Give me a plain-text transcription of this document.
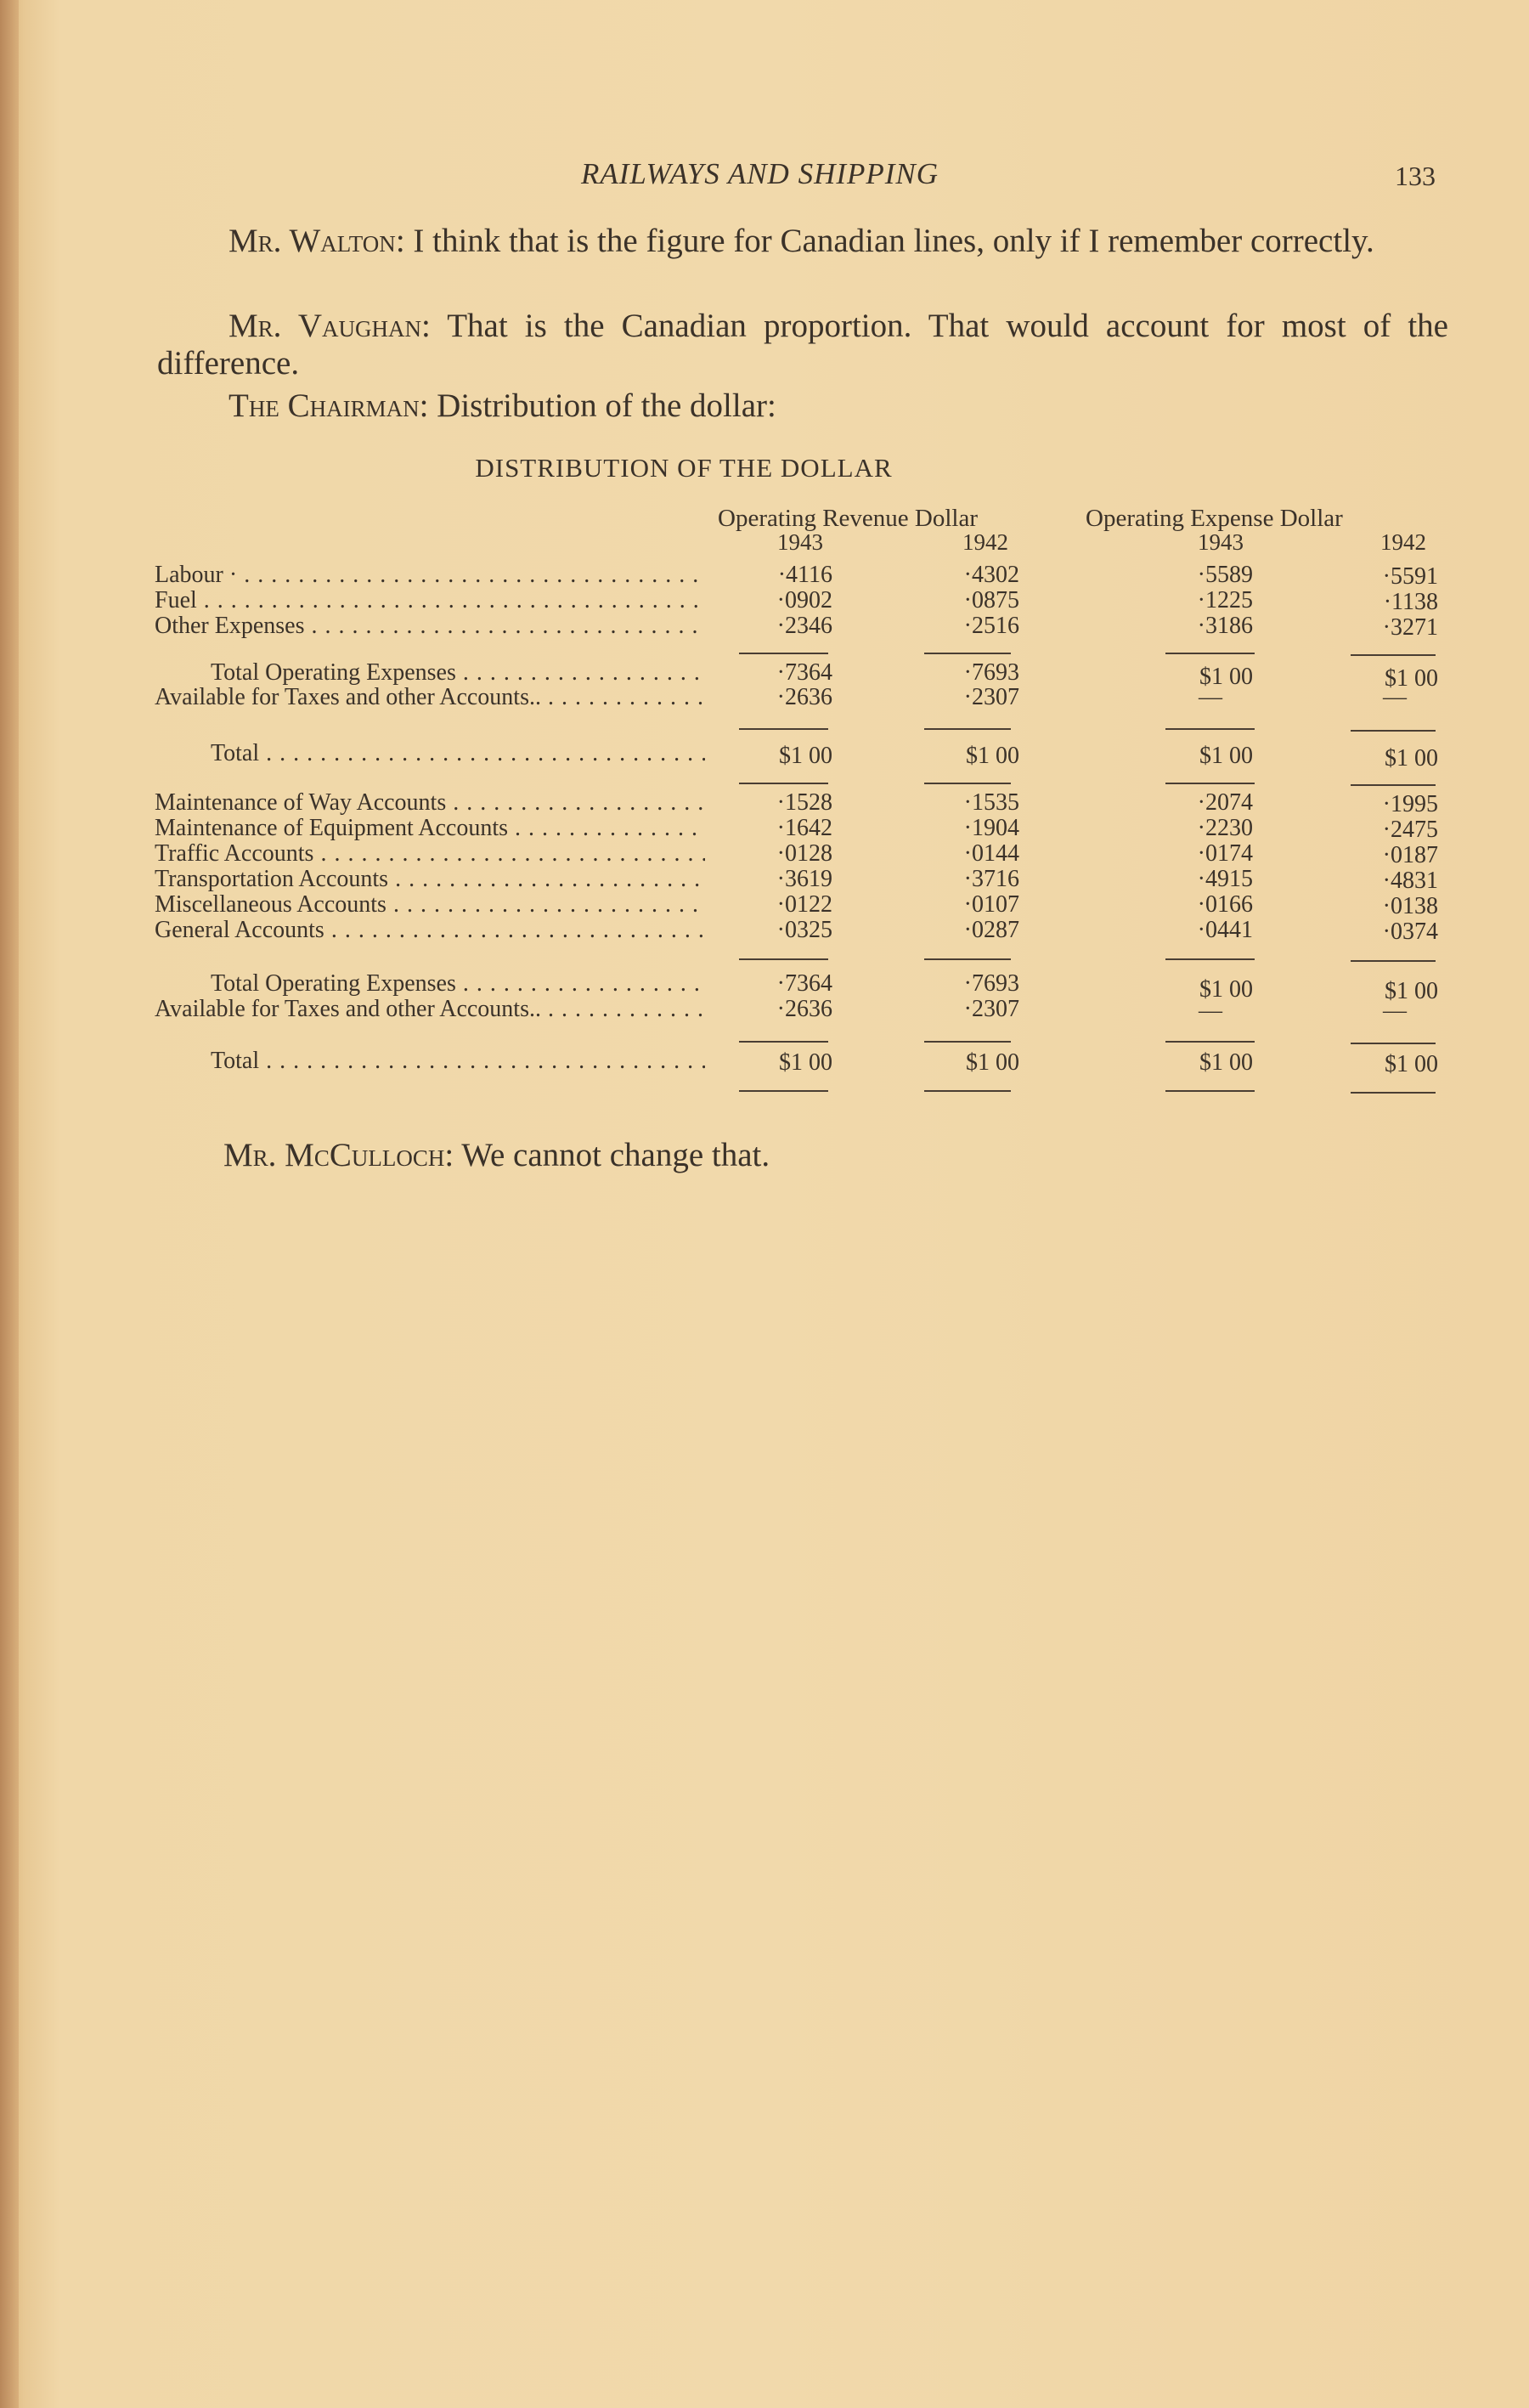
RAILWAYS AND SHIPPING	133
Mr. Walton: I think that is the figure for Canadian lines, only if I remember correctly.
Mr. Vaughan: That is the Canadian proportion. That would account for most of the difference.
The Chairman: Distribution of the dollar:
DISTRIBUTION OF THE DOLLAR
Operating Revenue Dollar	Operating Expense Dollar
1943	1942	1943	1942
Labour · . . .	·4116	·4302	·5589	·5591
Fuel . . .	·0902	·0875	·1225	·1138
Other Expenses . . .	·2346	·2516	·3186	·3271
Total Operating Expenses . . .	·7364	·7693	$1 00	$1 00
Available for Taxes and other Accounts.. . . .	·2636	·2307	—	—
Total . . .	$1 00	$1 00	$1 00	$1 00
Maintenance of Way Accounts . . .	·1528	·1535	·2074	·1995
Maintenance of Equipment Accounts . . .	·1642	·1904	·2230	·2475
Traffic Accounts . . .	·0128	·0144	·0174	·0187
Transportation Accounts . . .	·3619	·3716	·4915	·4831
Miscellaneous Accounts . . .	·0122	·0107	·0166	·0138
General Accounts . . .	·0325	·0287	·0441	·0374
Total Operating Expenses . . .	·7364	·7693	$1 00	$1 00
Available for Taxes and other Accounts.. . . .	·2636	·2307	—	—
Total . . .	$1 00	$1 00	$1 00	$1 00
Mr. McCulloch: We cannot change that.
